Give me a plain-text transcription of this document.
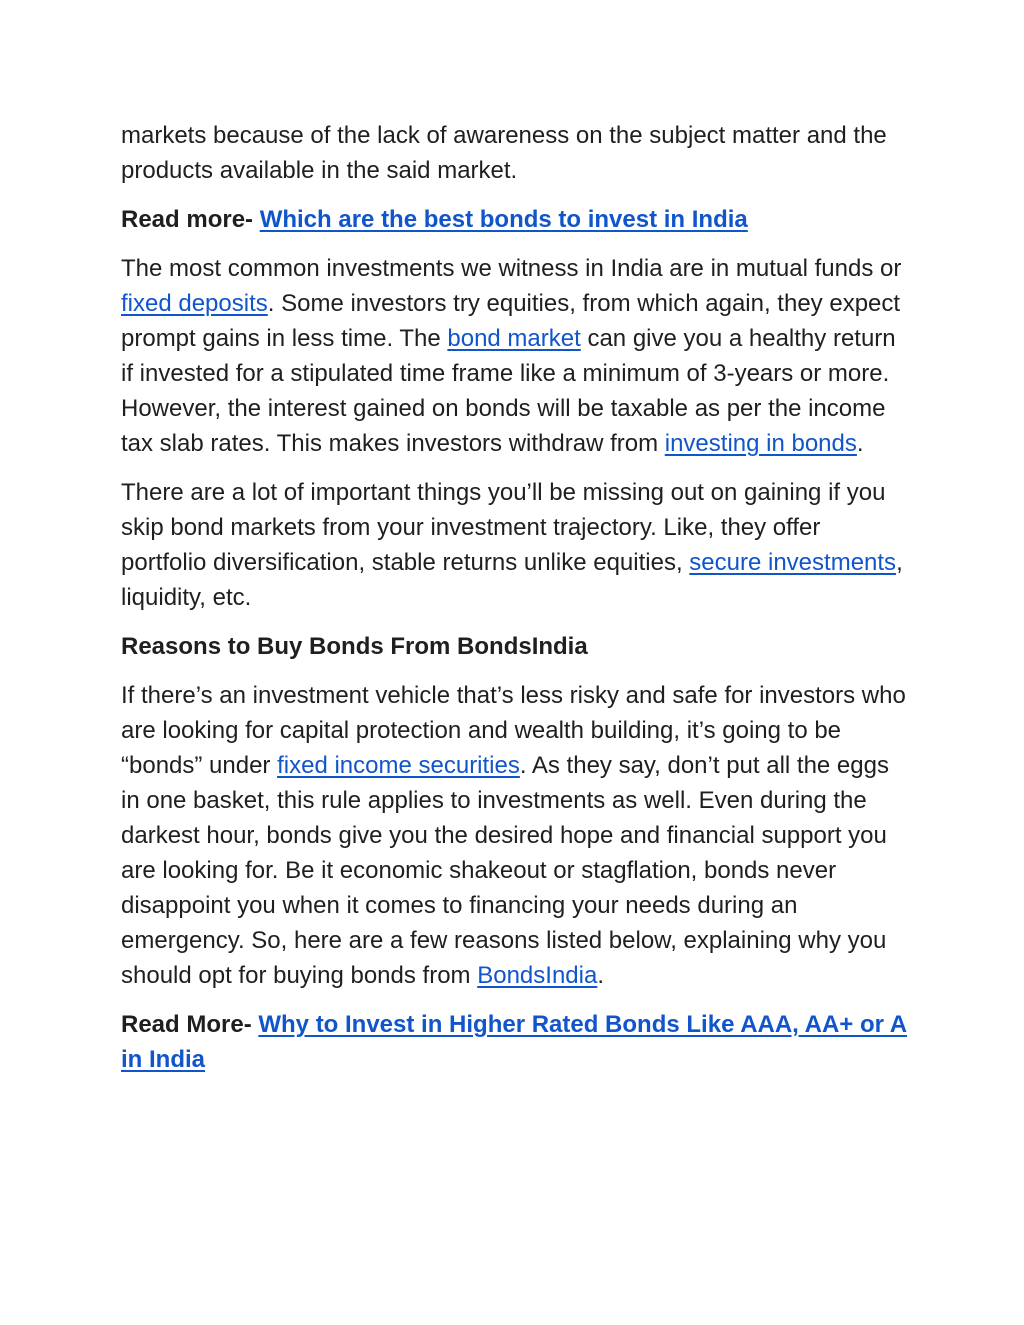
markets because of the lack of awareness on the subject matter and the products available in the said market.

Read more- Which are the best bonds to invest in India

The most common investments we witness in India are in mutual funds or fixed deposits. Some investors try equities, from which again, they expect prompt gains in less time. The bond market can give you a healthy return if invested for a stipulated time frame like a minimum of 3-years or more. However, the interest gained on bonds will be taxable as per the income tax slab rates. This makes investors withdraw from investing in bonds.

There are a lot of important things you’ll be missing out on gaining if you skip bond markets from your investment trajectory. Like, they offer portfolio diversification, stable returns unlike equities, secure investments, liquidity, etc.

Reasons to Buy Bonds From BondsIndia

If there’s an investment vehicle that’s less risky and safe for investors who are looking for capital protection and wealth building, it’s going to be “bonds” under fixed income securities. As they say, don’t put all the eggs in one basket, this rule applies to investments as well. Even during the darkest hour, bonds give you the desired hope and financial support you are looking for. Be it economic shakeout or stagflation, bonds never disappoint you when it comes to financing your needs during an emergency. So, here are a few reasons listed below, explaining why you should opt for buying bonds from BondsIndia.

Read More- Why to Invest in Higher Rated Bonds Like AAA, AA+ or A in India
